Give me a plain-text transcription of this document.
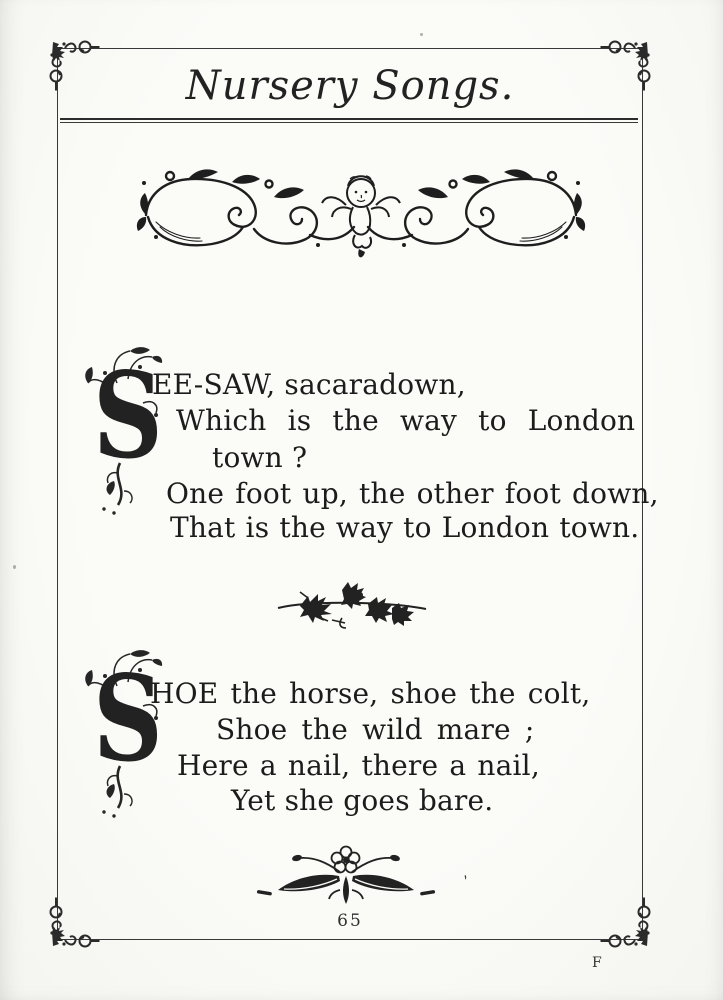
Nursery Songs.
S
EE-SAW, sacaradown,
Which is the way to London
town ?
One foot up, the other foot down,
That is the way to London town.
S
HOE the horse, shoe the colt,
Shoe the wild mare ;
Here a nail, there a nail,
Yet she goes bare.
’
65
F
